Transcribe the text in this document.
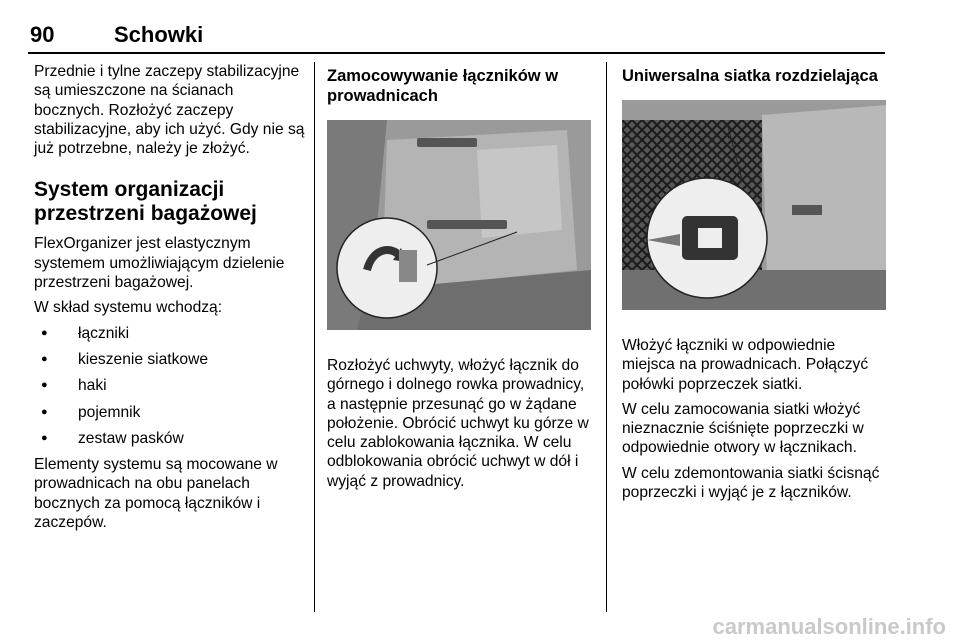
90	Schowki

Przednie i tylne zaczepy stabilizacyjne są umieszczone na ścianach bocznych. Rozłożyć zaczepy stabilizacyjne, aby ich użyć. Gdy nie są już potrzebne, należy je złożyć.

System organizacji przestrzeni bagażowej

FlexOrganizer jest elastycznym systemem umożliwiającym dzielenie przestrzeni bagażowej.

W skład systemu wchodzą:

● łączniki
● kieszenie siatkowe
● haki
● pojemnik
● zestaw pasków

Elementy systemu są mocowane w prowadnicach na obu panelach bocznych za pomocą łączników i zaczepów.

Zamocowywanie łączników w prowadnicach

Rozłożyć uchwyty, włożyć łącznik do górnego i dolnego rowka prowadnicy, a następnie przesunąć go w żądane położenie. Obrócić uchwyt ku górze w celu zablokowania łącznika. W celu odblokowania obrócić uchwyt w dół i wyjąć z prowadnicy.

Uniwersalna siatka rozdzielająca

Włożyć łączniki w odpowiednie miejsca na prowadnicach. Połączyć połówki poprzeczek siatki.

W celu zamocowania siatki włożyć nieznacznie ściśnięte poprzeczki w odpowiednie otwory w łącznikach.

W celu zdemontowania siatki ścisnąć poprzeczki i wyjąć je z łączników.

carmanualsonline.info
